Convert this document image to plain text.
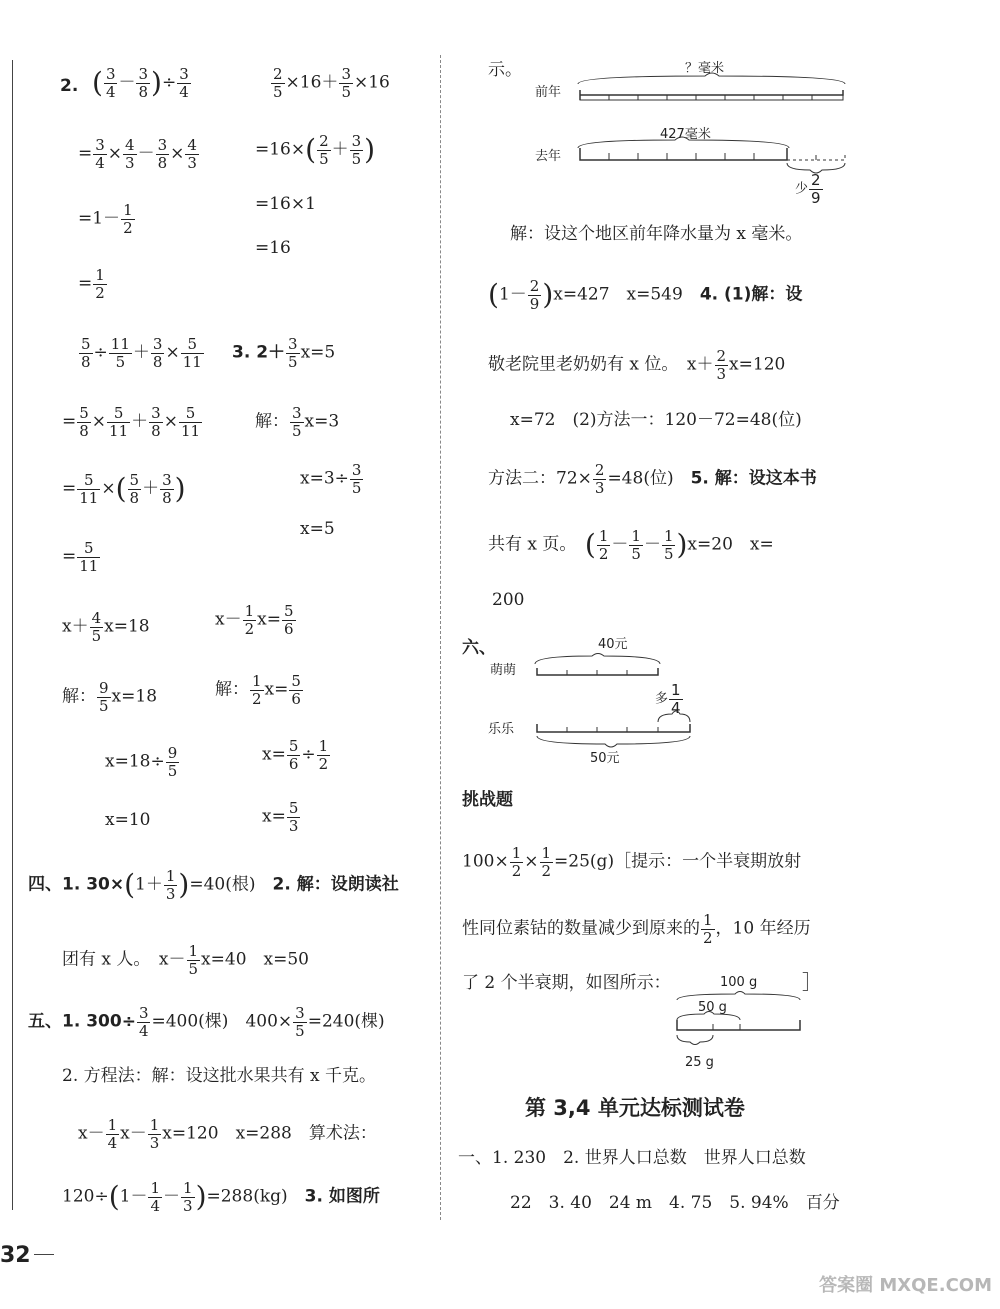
2. ( $\frac{3}{4} - \frac{3}{8}$ )÷ $\frac{3}{4}$	$\frac{2}{5} \times 16+ \frac{3}{5} \times 16$
= $\frac{3}{4} \times \frac{4}{3} - \frac{3}{8} \times \frac{4}{3}$	$=16\times( \frac{2}{5} + \frac{3}{5}$ )
$=1- \frac{1}{2}$	=16×1
=16
= $\frac{1}{2}$
$\frac{5}{8} \div \frac{11}{5} + \frac{3}{8} \times \frac{5}{11} 3$. $2+ \frac{3}{5} x=5$
= $\frac{5}{8} \times \frac{5}{11} + \frac{3}{8} \times \frac{5}{11}$	解： $\frac{3}{5} x=3$
= $\frac{5}{11}$ ×( $\frac{5}{8} + \frac{3}{8}$ )	$x=3\div \frac{3}{5}$
x=5
= $\frac{5}{11}$
$x+ \frac{4}{5} x=18$	$x- \frac{1}{2} x= \frac{5}{6}$
解： $\frac{9}{5} x=18$	解： $\frac{1}{2} x= \frac{5}{6}$
$x=18\div \frac{9}{5}$	$x= \frac{5}{6} \div \frac{1}{2}$
x=10	$x= \frac{5}{3}$
四、1. $30\times(1+ \frac{1}{3} )=40$(根)　 2. 解：设朗读社
团有 x 人。　 $x- \frac{1}{5} x=40$　 x=50
五、1. $300\div \frac{3}{4} =400$(棵)　 $400\times \frac{3}{5} =240$(棵)
2. 方程法：解：设这批水果共有 x 千克。
$x- \frac{1}{4} x- \frac{1}{3} x=120$　 x=288　 算术法：
$120\div(1- \frac{1}{4} - \frac{1}{3} )=288(kg)$　 3. 如图所
32
示。
前年
？毫米
去年
427毫米
少 $\frac{2}{9}$
解：设这个地区前年降水量为 x 毫米。
$(1- \frac{2}{9} )x=427$　 x=549　 4. (1)解：设
敬老院里老奶奶有 x 位。　 $x+ \frac{2}{3} x=120$
x=72　(2)方法一：120－72=48(位)
方法二：$72\times \frac{2}{3} =48$(位)　 5. 解：设这本书
共有 x 页。　 ( $\frac{1}{2} - \frac{1}{5} - \frac{1}{5} )x=20$　 x=
200
六、	40元
萌萌
乐乐
50元
多 $\frac{1}{4}$
挑战题
$100\times \frac{1}{2} \times \frac{1}{2}$ =25(g)［提示：一个半衰期放射
性同位素钴的数量减少到原来的 $\frac{1}{2}$ ，10 年经历
了 2 个半衰期，如图所示：	］
100 g
50 g
25 g
第 3,4 单元达标测试卷
一、1. 230　2. 世界人口总数　世界人口总数
22　3. 40　24 m　4. 75　5. 94%　百分
答案圈 MXQE.COM
